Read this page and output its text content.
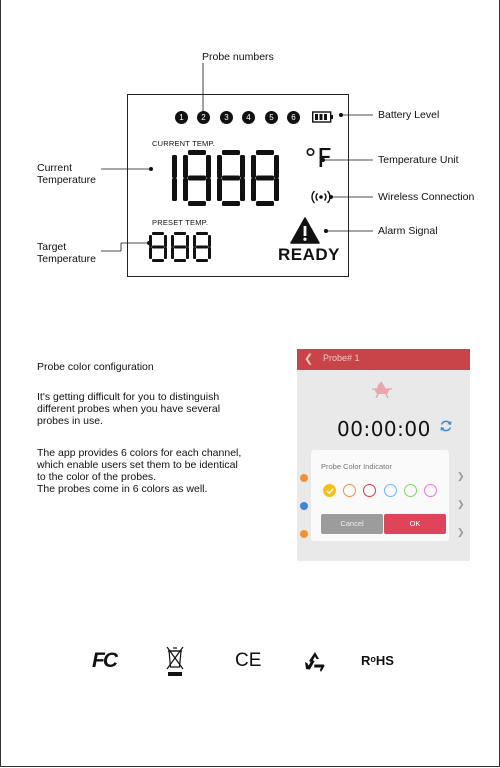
Probe numbers
1	2	3	4	5	6	Battery Level
Temperature Unit
Wireless Connection
Alarm Signal
Current
Temperature
Target
Temperature
CURRENT TEMP.
PRESET TEMP.
°F
READY
Probe color configuration
It's getting difficult for you to distinguish
different probes when you have several
probes in use.
The app provides 6 colors for each channel,
which enable users set them to be identical
to the color of the probes.
The probes come in 6 colors as well.
❮ Probe# 1
00:00:00
❯
❯
❯
Probe Color Indicator
Cancel	OK
FC	CE	$R^oHS$
